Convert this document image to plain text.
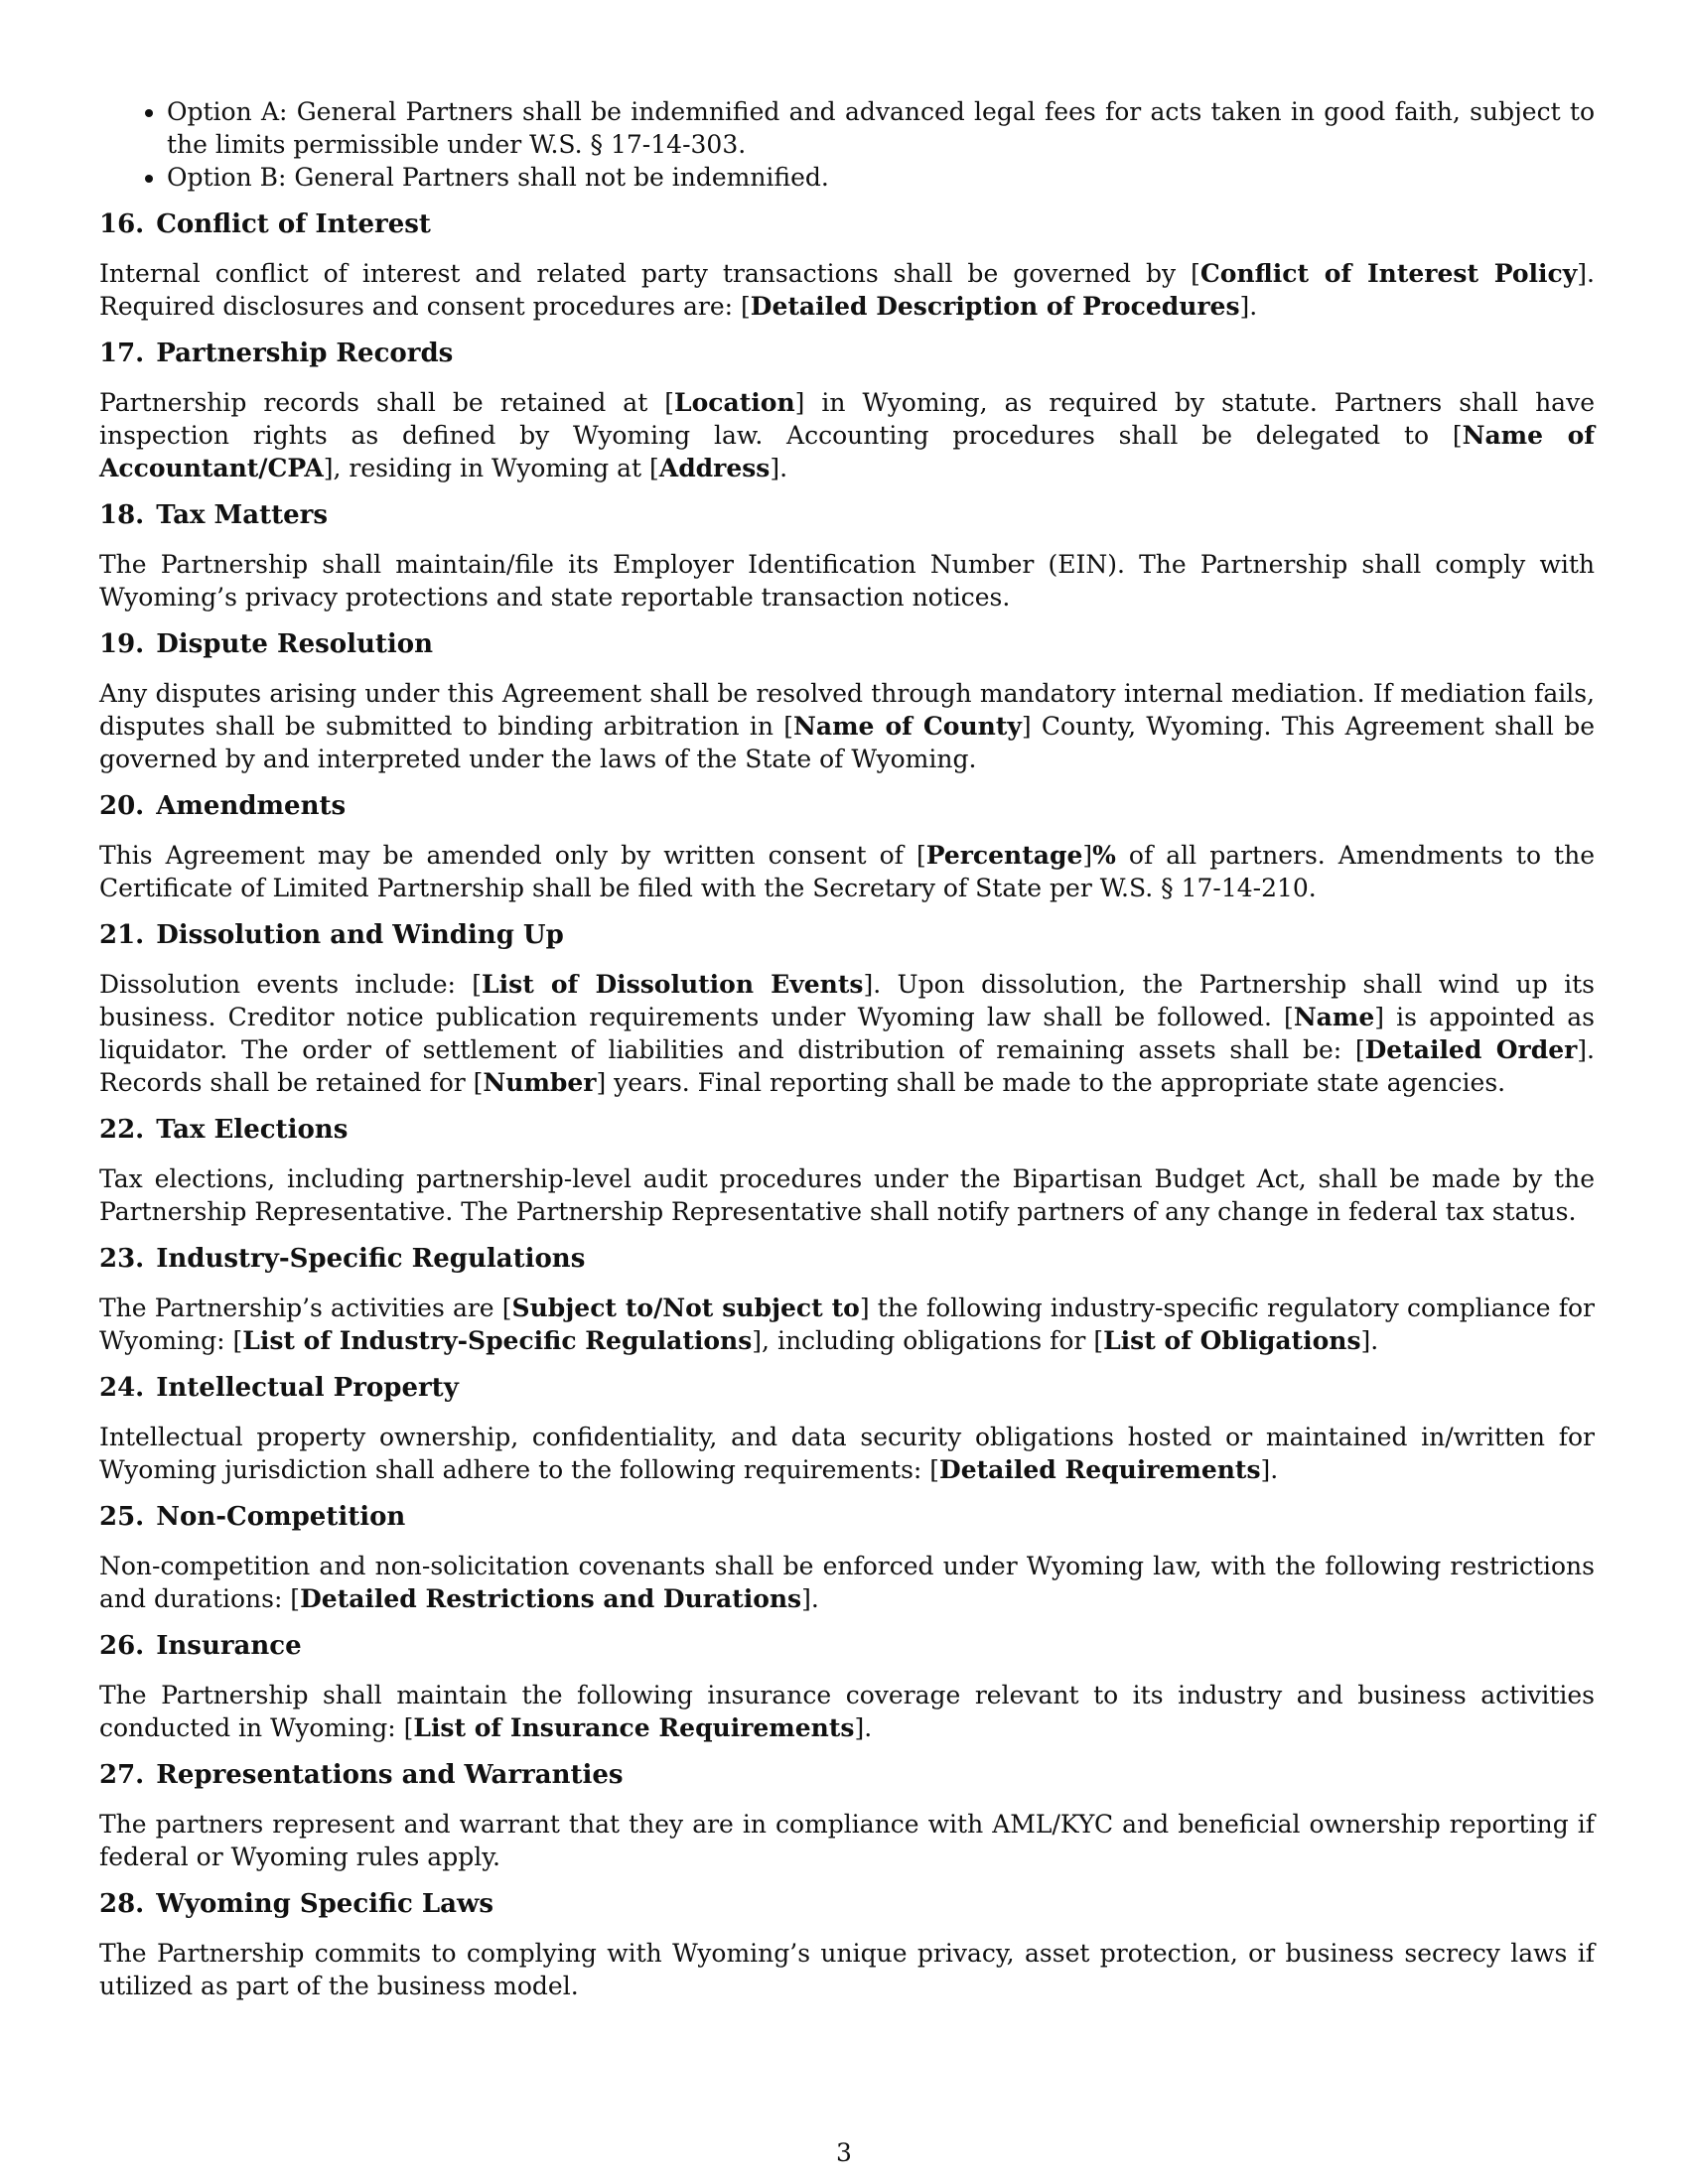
• Option A: General Partners shall be indemnified and advanced legal fees for acts taken in good faith, subject to the limits permissible under W.S. § 17-14-303.
• Option B: General Partners shall not be indemnified.
16. Conflict of Interest

Internal conflict of interest and related party transactions shall be governed by [Conflict of Interest Policy]. Required disclosures and consent procedures are: [Detailed Description of Procedures].

17. Partnership Records

Partnership records shall be retained at [Location] in Wyoming, as required by statute. Partners shall have inspection rights as defined by Wyoming law. Accounting procedures shall be delegated to [Name of Accountant/CPA], residing in Wyoming at [Address].

18. Tax Matters

The Partnership shall maintain/file its Employer Identification Number (EIN). The Partnership shall comply with Wyoming’s privacy protections and state reportable transaction notices.

19. Dispute Resolution

Any disputes arising under this Agreement shall be resolved through mandatory internal mediation. If mediation fails, disputes shall be submitted to binding arbitration in [Name of County] County, Wyoming. This Agreement shall be governed by and interpreted under the laws of the State of Wyoming.

20. Amendments

This Agreement may be amended only by written consent of [Percentage]% of all partners. Amendments to the Certificate of Limited Partnership shall be filed with the Secretary of State per W.S. § 17-14-210.

21. Dissolution and Winding Up

Dissolution events include: [List of Dissolution Events]. Upon dissolution, the Partnership shall wind up its business. Creditor notice publication requirements under Wyoming law shall be followed. [Name] is appointed as liquidator. The order of settlement of liabilities and distribution of remaining assets shall be: [Detailed Order]. Records shall be retained for [Number] years. Final reporting shall be made to the appropriate state agencies.

22. Tax Elections

Tax elections, including partnership-level audit procedures under the Bipartisan Budget Act, shall be made by the Partnership Representative. The Partnership Representative shall notify partners of any change in federal tax status.

23. Industry-Specific Regulations

The Partnership’s activities are [Subject to/Not subject to] the following industry-specific regulatory compliance for Wyoming: [List of Industry-Specific Regulations], including obligations for [List of Obligations].

24. Intellectual Property

Intellectual property ownership, confidentiality, and data security obligations hosted or maintained in/written for Wyoming jurisdiction shall adhere to the following requirements: [Detailed Requirements].

25. Non-Competition

Non-competition and non-solicitation covenants shall be enforced under Wyoming law, with the following restrictions and durations: [Detailed Restrictions and Durations].

26. Insurance

The Partnership shall maintain the following insurance coverage relevant to its industry and business activities conducted in Wyoming: [List of Insurance Requirements].

27. Representations and Warranties

The partners represent and warrant that they are in compliance with AML/KYC and beneficial ownership reporting if federal or Wyoming rules apply.

28. Wyoming Specific Laws

The Partnership commits to complying with Wyoming’s unique privacy, asset protection, or business secrecy laws if utilized as part of the business model.

3
